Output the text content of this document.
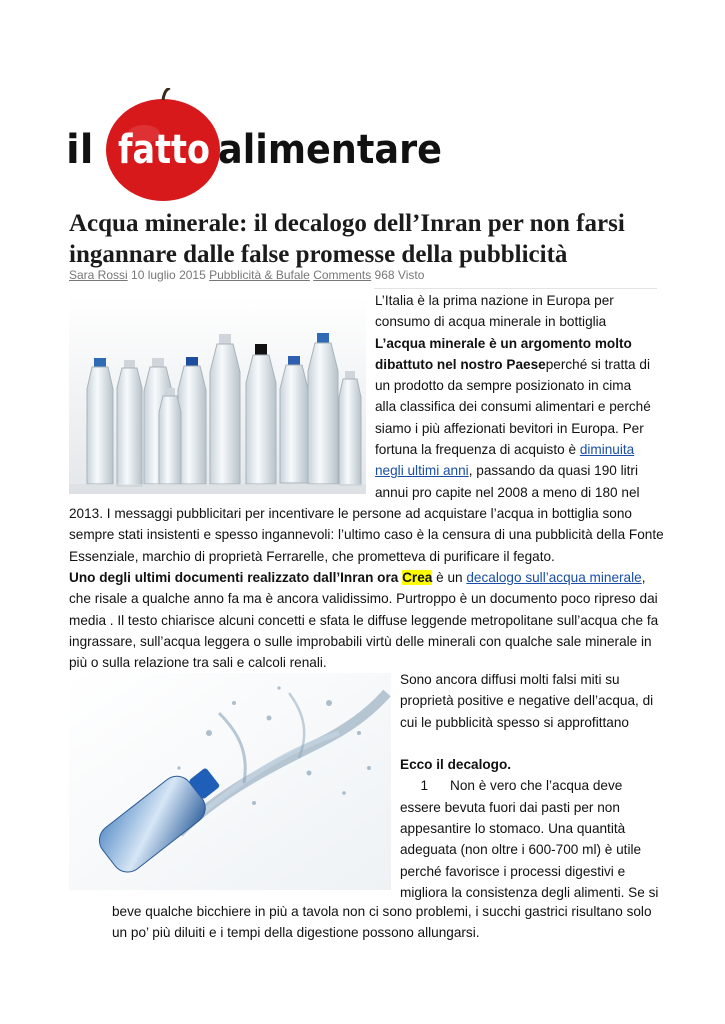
il fatto alimentare
Acqua minerale: il decalogo dell’Inran per non farsi ingannare dalle false promesse della pubblicità
Sara Rossi 10 luglio 2015 Pubblicità & Bufale Comments 968 Visto
L’Italia è la prima nazione in Europa per
consumo di acqua minerale in bottiglia
L’acqua minerale è un argomento molto
dibattuto nel nostro Paeseperché si tratta di
un prodotto da sempre posizionato in cima
alla classifica dei consumi alimentari e perché
siamo i più affezionati bevitori in Europa. Per
fortuna la frequenza di acquisto è diminuita
negli ultimi anni, passando da quasi 190 litri
annui pro capite nel 2008 a meno di 180 nel
2013. I messaggi pubblicitari per incentivare le persone ad acquistare l’acqua in bottiglia sono
sempre stati insistenti e spesso ingannevoli: l’ultimo caso è la censura di una pubblicità della Fonte
Essenziale, marchio di proprietà Ferrarelle, che prometteva di purificare il fegato.
Uno degli ultimi documenti realizzato dall’Inran ora Crea è un decalogo sull’acqua minerale,
che risale a qualche anno fa ma è ancora validissimo. Purtroppo è un documento poco ripreso dai
media . Il testo chiarisce alcuni concetti e sfata le diffuse leggende metropolitane sull’acqua che fa
ingrassare, sull’acqua leggera o sulle improbabili virtù delle minerali con qualche sale minerale in
più o sulla relazione tra sali e calcoli renali.
Sono ancora diffusi molti falsi miti su
proprietà positive e negative dell’acqua, di
cui le pubblicità spesso si approfittano
Ecco il decalogo.
1 Non è vero che l’acqua deve
essere bevuta fuori dai pasti per non
appesantire lo stomaco. Una quantità
adeguata (non oltre i 600-700 ml) è utile
perché favorisce i processi digestivi e
migliora la consistenza degli alimenti. Se si
beve qualche bicchiere in più a tavola non ci sono problemi, i succhi gastrici risultano solo
un po’ più diluiti e i tempi della digestione possono allungarsi.
